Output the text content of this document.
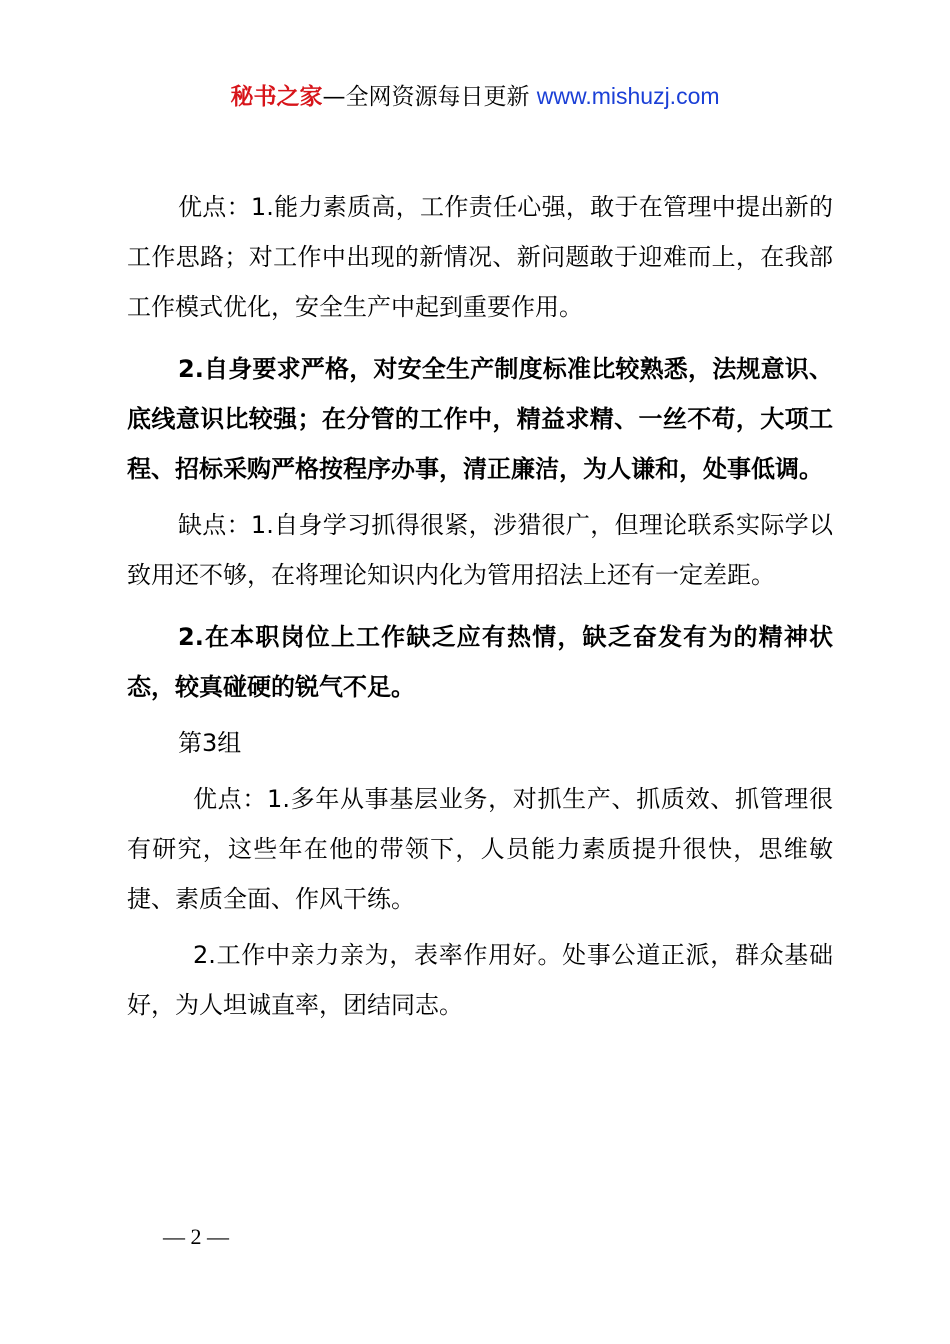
秘书之家—全网资源每日更新 www.mishuzj.com

优点：1.能力素质高，工作责任心强，敢于在管理中提出新的工作思路；对工作中出现的新情况、新问题敢于迎难而上，在我部工作模式优化，安全生产中起到重要作用。

2.自身要求严格，对安全生产制度标准比较熟悉，法规意识、底线意识比较强；在分管的工作中，精益求精、一丝不苟，大项工程、招标采购严格按程序办事，清正廉洁，为人谦和，处事低调。

缺点：1.自身学习抓得很紧，涉猎很广，但理论联系实际学以致用还不够，在将理论知识内化为管用招法上还有一定差距。

2.在本职岗位上工作缺乏应有热情，缺乏奋发有为的精神状态，较真碰硬的锐气不足。

第3组

优点：1.多年从事基层业务，对抓生产、抓质效、抓管理很有研究，这些年在他的带领下，人员能力素质提升很快，思维敏捷、素质全面、作风干练。

2.工作中亲力亲为，表率作用好。处事公道正派，群众基础好，为人坦诚直率，团结同志。

— 2 —
